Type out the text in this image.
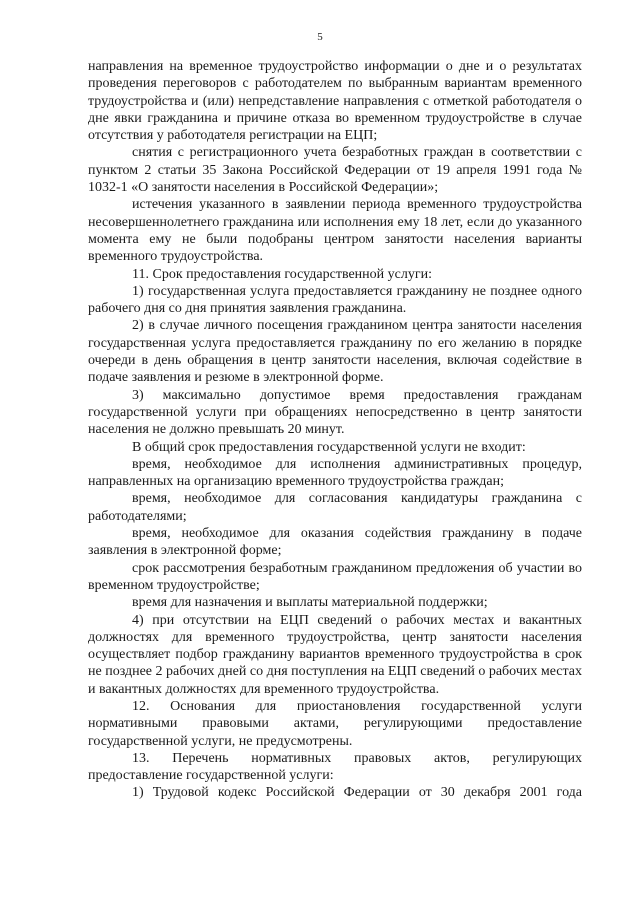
5

направления на временное трудоустройство информации о дне и о результатах проведения переговоров с работодателем по выбранным вариантам временного трудоустройства и (или) непредставление направления с отметкой работодателя о дне явки гражданина и причине отказа во временном трудоустройстве в случае отсутствия у работодателя регистрации на ЕЦП;

снятия с регистрационного учета безработных граждан в соответствии с пунктом 2 статьи 35 Закона Российской Федерации от 19 апреля 1991 года № 1032-1 «О занятости населения в Российской Федерации»;

истечения указанного в заявлении периода временного трудоустройства несовершеннолетнего гражданина или исполнения ему 18 лет, если до указанного момента ему не были подобраны центром занятости населения варианты временного трудоустройства.

11. Срок предоставления государственной услуги:

1) государственная услуга предоставляется гражданину не позднее одного рабочего дня со дня принятия заявления гражданина.

2) в случае личного посещения гражданином центра занятости населения государственная услуга предоставляется гражданину по его желанию в порядке очереди в день обращения в центр занятости населения, включая содействие в подаче заявления и резюме в электронной форме.

3) максимально допустимое время предоставления гражданам государственной услуги при обращениях непосредственно в центр занятости населения не должно превышать 20 минут.

В общий срок предоставления государственной услуги не входит:

время, необходимое для исполнения административных процедур, направленных на организацию временного трудоустройства граждан;

время, необходимое для согласования кандидатуры гражданина с работодателями;

время, необходимое для оказания содействия гражданину в подаче заявления в электронной форме;

срок рассмотрения безработным гражданином предложения об участии во временном трудоустройстве;

время для назначения и выплаты материальной поддержки;

4) при отсутствии на ЕЦП сведений о рабочих местах и вакантных должностях для временного трудоустройства, центр занятости населения осуществляет подбор гражданину вариантов временного трудоустройства в срок не позднее 2 рабочих дней со дня поступления на ЕЦП сведений о рабочих местах и вакантных должностях для временного трудоустройства.

12. Основания для приостановления государственной услуги нормативными правовыми актами, регулирующими предоставление государственной услуги, не предусмотрены.

13. Перечень нормативных правовых актов, регулирующих предоставление государственной услуги:

1) Трудовой кодекс Российской Федерации от 30 декабря 2001 года
